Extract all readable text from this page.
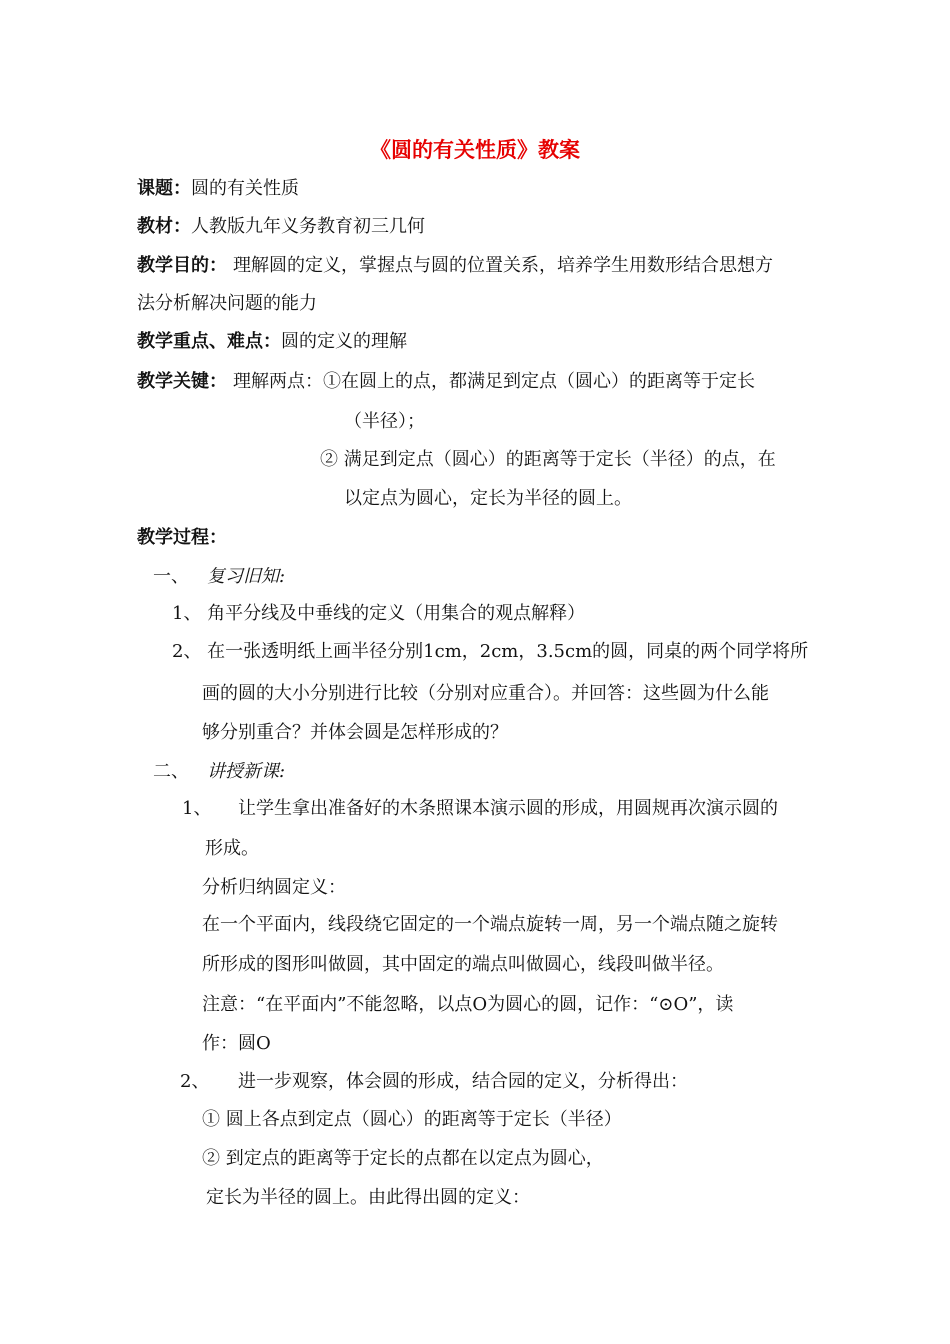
《圆的有关性质》教案
课题：圆的有关性质
教材：人教版九年义务教育初三几何
教学目的： 理解圆的定义，掌握点与圆的位置关系，培养学生用数形结合思想方
法分析解决问题的能力
教学重点、难点：圆的定义的理解
教学关键： 理解两点：①在圆上的点，都满足到定点（圆心）的距离等于定长
（半径）；
② 满足到定点（圆心）的距离等于定长（半径）的点，在
以定点为圆心，定长为半径的圆上。
教学过程：
一、 复习旧知:
1、 角平分线及中垂线的定义（用集合的观点解释）
2、 在一张透明纸上画半径分别1cm，2cm，3.5cm的圆，同桌的两个同学将所
画的圆的大小分别进行比较（分别对应重合）。并回答：这些圆为什么能
够分别重合？并体会圆是怎样形成的？
二、 讲授新课:
1、 让学生拿出准备好的木条照课本演示圆的形成，用圆规再次演示圆的
形成。
分析归纳圆定义：
在一个平面内，线段绕它固定的一个端点旋转一周，另一个端点随之旋转
所形成的图形叫做圆，其中固定的端点叫做圆心，线段叫做半径。
注意：“在平面内”不能忽略，以点O为圆心的圆，记作：“⊙O”，读
作：圆O
2、 进一步观察，体会圆的形成，结合园的定义，分析得出：
① 圆上各点到定点（圆心）的距离等于定长（半径）
② 到定点的距离等于定长的点都在以定点为圆心，
定长为半径的圆上。由此得出圆的定义：
